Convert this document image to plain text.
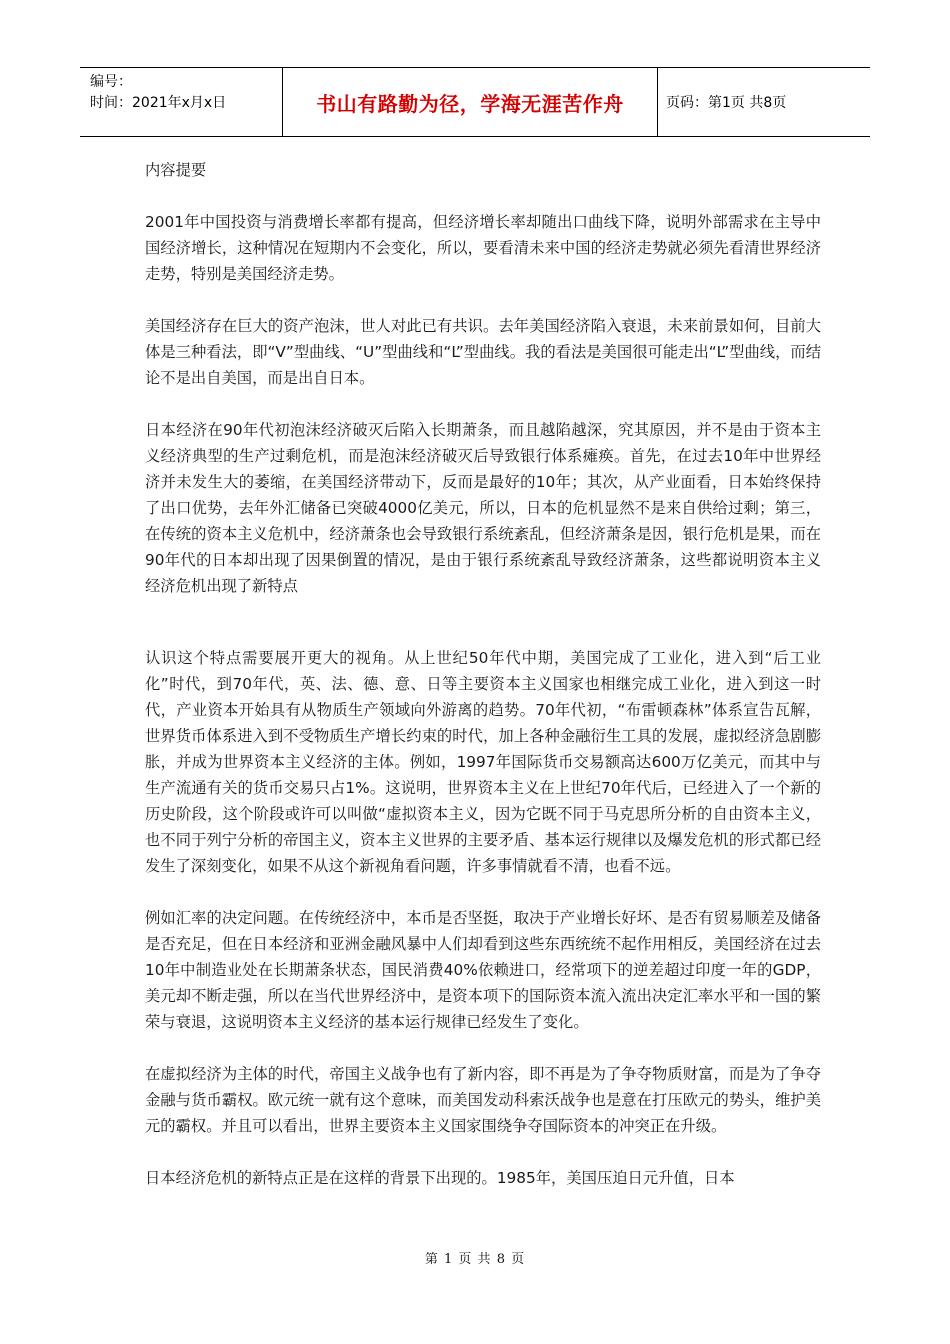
编号：
时间：2021年x月x日	书山有路勤为径，学海无涯苦作舟	页码：第1页 共8页

内容提要

2001年中国投资与消费增长率都有提高，但经济增长率却随出口曲线下降，说明外部需求在主导中国经济增长，这种情况在短期内不会变化，所以，要看清未来中国的经济走势就必须先看清世界经济走势，特别是美国经济走势。

美国经济存在巨大的资产泡沫，世人对此已有共识。去年美国经济陷入衰退，未来前景如何，目前大体是三种看法，即“V”型曲线、“U”型曲线和“L”型曲线。我的看法是美国很可能走出“L”型曲线，而结论不是出自美国，而是出自日本。

日本经济在90年代初泡沫经济破灭后陷入长期萧条，而且越陷越深，究其原因，并不是由于资本主义经济典型的生产过剩危机，而是泡沫经济破灭后导致银行体系瘫痪。首先，在过去10年中世界经济并未发生大的萎缩，在美国经济带动下，反而是最好的10年；其次，从产业面看，日本始终保持了出口优势，去年外汇储备已突破4000亿美元，所以，日本的危机显然不是来自供给过剩；第三，在传统的资本主义危机中，经济萧条也会导致银行系统紊乱，但经济萧条是因，银行危机是果，而在90年代的日本却出现了因果倒置的情况，是由于银行系统紊乱导致经济萧条，这些都说明资本主义经济危机出现了新特点

认识这个特点需要展开更大的视角。从上世纪50年代中期，美国完成了工业化，进入到“后工业化”时代，到70年代，英、法、德、意、日等主要资本主义国家也相继完成工业化，进入到这一时代，产业资本开始具有从物质生产领域向外游离的趋势。70年代初，“布雷顿森林”体系宣告瓦解，世界货币体系进入到不受物质生产增长约束的时代，加上各种金融衍生工具的发展，虚拟经济急剧膨胀，并成为世界资本主义经济的主体。例如，1997年国际货币交易额高达600万亿美元，而其中与生产流通有关的货币交易只占1%。这说明，世界资本主义在上世纪70年代后，已经进入了一个新的历史阶段，这个阶段或许可以叫做“虚拟资本主义，因为它既不同于马克思所分析的自由资本主义，也不同于列宁分析的帝国主义，资本主义世界的主要矛盾、基本运行规律以及爆发危机的形式都已经发生了深刻变化，如果不从这个新视角看问题，许多事情就看不清，也看不远。

例如汇率的决定问题。在传统经济中，本币是否坚挺，取决于产业增长好坏、是否有贸易顺差及储备是否充足，但在日本经济和亚洲金融风暴中人们却看到这些东西统统不起作用相反，美国经济在过去10年中制造业处在长期萧条状态，国民消费40%依赖进口，经常项下的逆差超过印度一年的GDP，美元却不断走强，所以在当代世界经济中，是资本项下的国际资本流入流出决定汇率水平和一国的繁荣与衰退，这说明资本主义经济的基本运行规律已经发生了变化。

在虚拟经济为主体的时代，帝国主义战争也有了新内容，即不再是为了争夺物质财富，而是为了争夺金融与货币霸权。欧元统一就有这个意味，而美国发动科索沃战争也是意在打压欧元的势头，维护美元的霸权。并且可以看出，世界主要资本主义国家围绕争夺国际资本的冲突正在升级。

日本经济危机的新特点正是在这样的背景下出现的。1985年，美国压迫日元升值，日本

第 1 页 共 8 页
